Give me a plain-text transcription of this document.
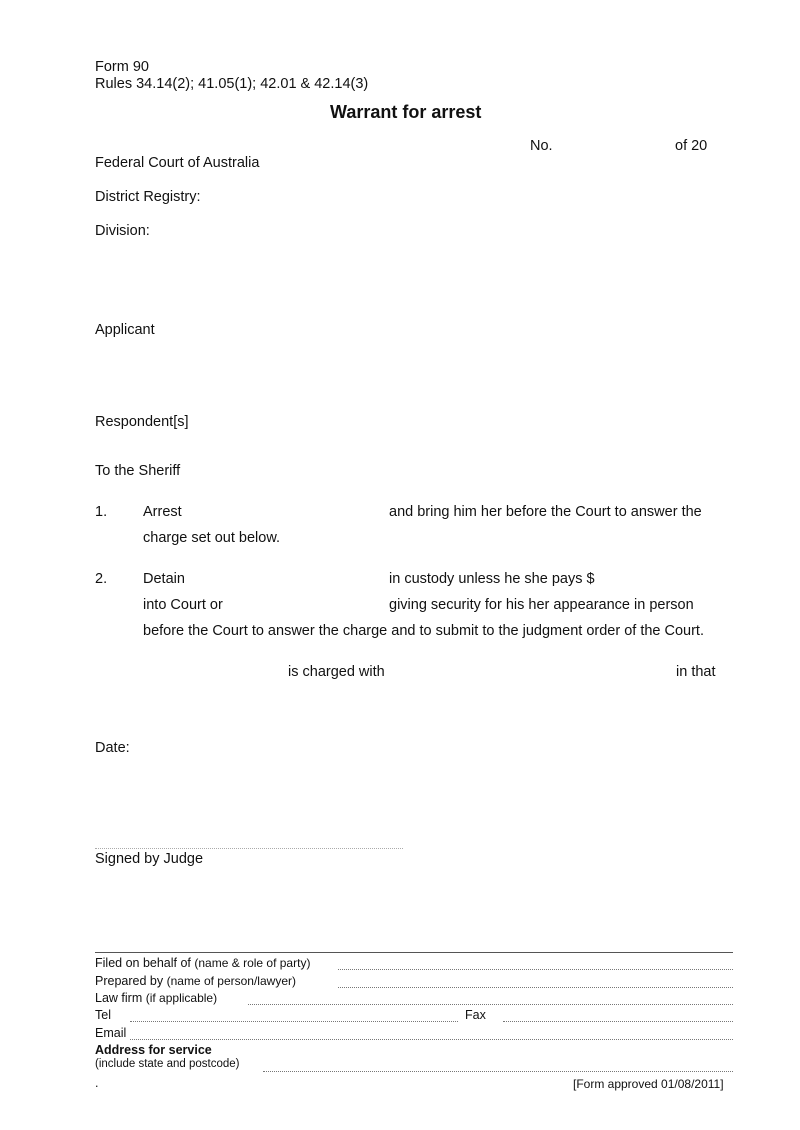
Form 90
Rules 34.14(2); 41.05(1); 42.01 & 42.14(3)
Warrant for arrest
No.	of 20
Federal Court of Australia
District Registry:
Division:
Applicant
Respondent[s]
To the Sheriff
1. Arrest	and bring him her before the Court to answer the
charge set out below.
2. Detain	in custody unless he she pays $
into Court or	giving security for his her appearance in person
before the Court to answer the charge and to submit to the judgment order of the Court.
is charged with	in that
Date:
Signed by Judge
Filed on behalf of (name & role of party)
Prepared by (name of person/lawyer)
Law firm (if applicable)
Tel	Fax
Email
Address for service
(include state and postcode)
.	[Form approved 01/08/2011]
